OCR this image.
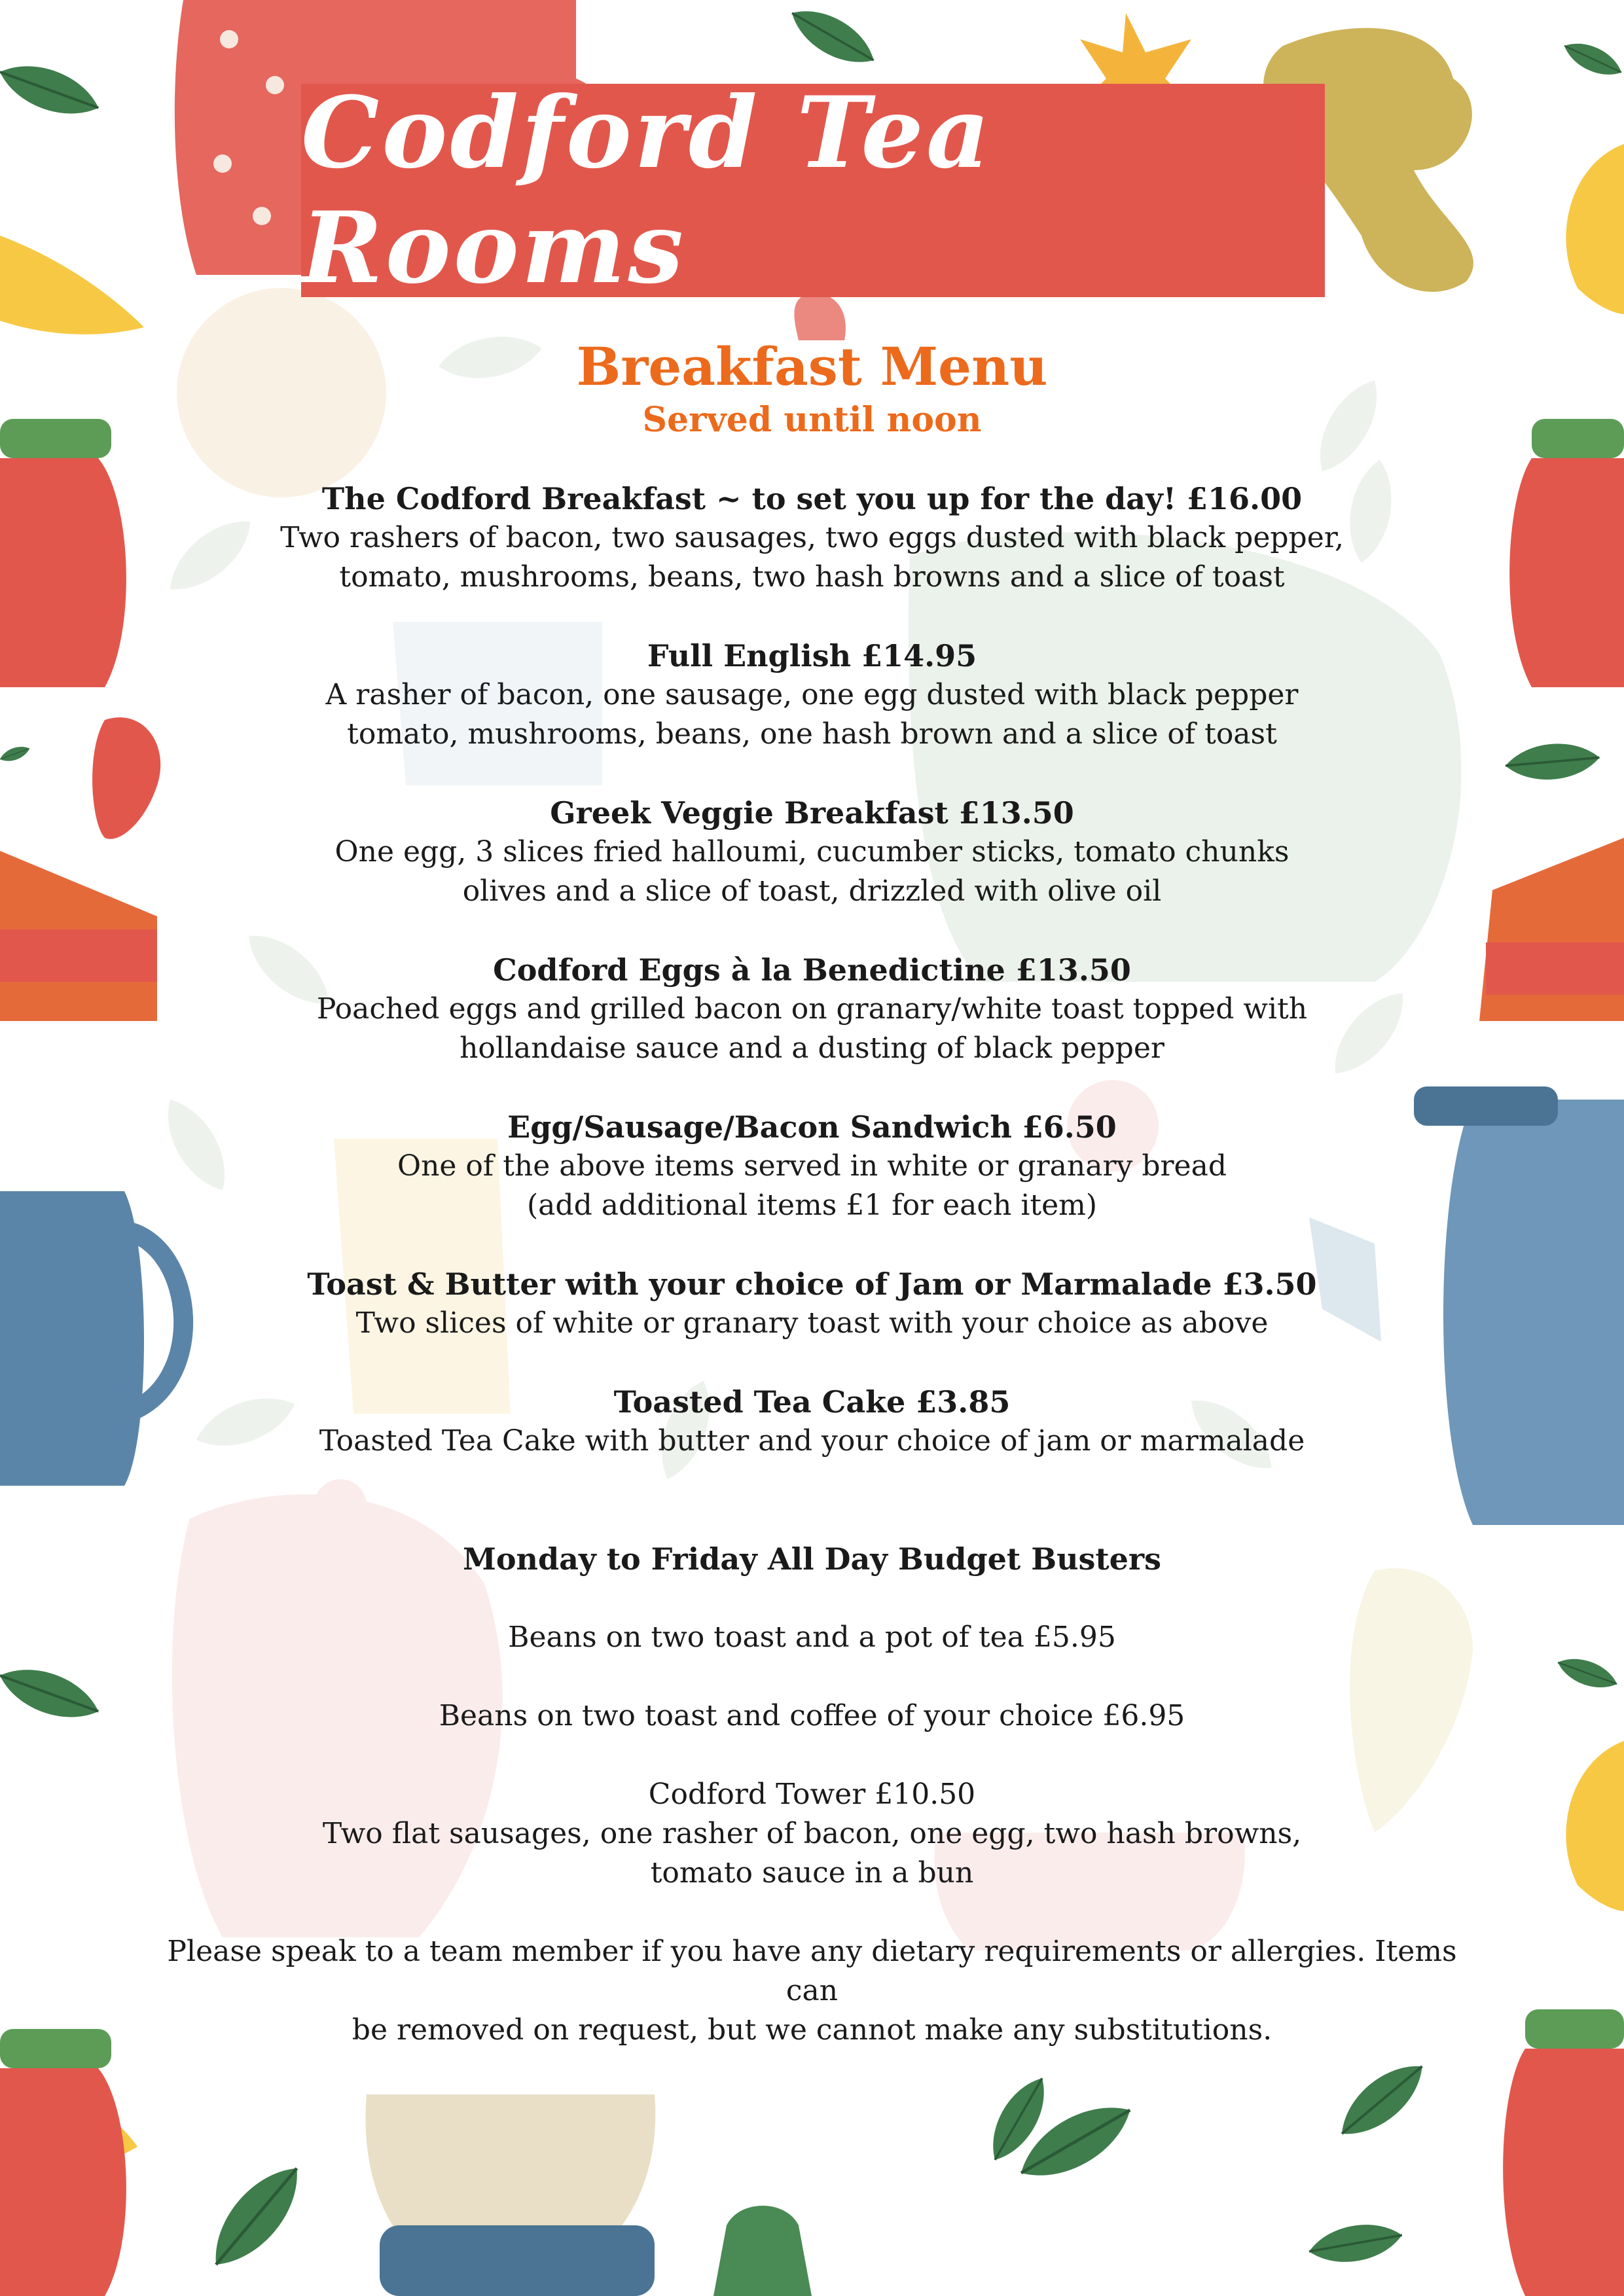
Codford Tea Rooms
Breakfast Menu
Served until noon
The Codford Breakfast ~ to set you up for the day! £16.00
Two rashers of bacon, two sausages, two eggs dusted with black pepper,
tomato, mushrooms, beans, two hash browns and a slice of toast
Full English £14.95
A rasher of bacon, one sausage, one egg dusted with black pepper
tomato, mushrooms, beans, one hash brown and a slice of toast
Greek Veggie Breakfast £13.50
One egg, 3 slices fried halloumi, cucumber sticks, tomato chunks
olives and a slice of toast, drizzled with olive oil
Codford Eggs à la Benedictine £13.50
Poached eggs and grilled bacon on granary/white toast topped with
hollandaise sauce and a dusting of black pepper
Egg/Sausage/Bacon Sandwich £6.50
One of the above items served in white or granary bread
(add additional items £1 for each item)
Toast & Butter with your choice of Jam or Marmalade £3.50
Two slices of white or granary toast with your choice as above
Toasted Tea Cake £3.85
Toasted Tea Cake with butter and your choice of jam or marmalade
Monday to Friday All Day Budget Busters
Beans on two toast and a pot of tea £5.95
Beans on two toast and coffee of your choice £6.95
Codford Tower £10.50
Two flat sausages, one rasher of bacon, one egg, two hash browns,
tomato sauce in a bun
Please speak to a team member if you have any dietary requirements or allergies. Items can
be removed on request, but we cannot make any substitutions.
